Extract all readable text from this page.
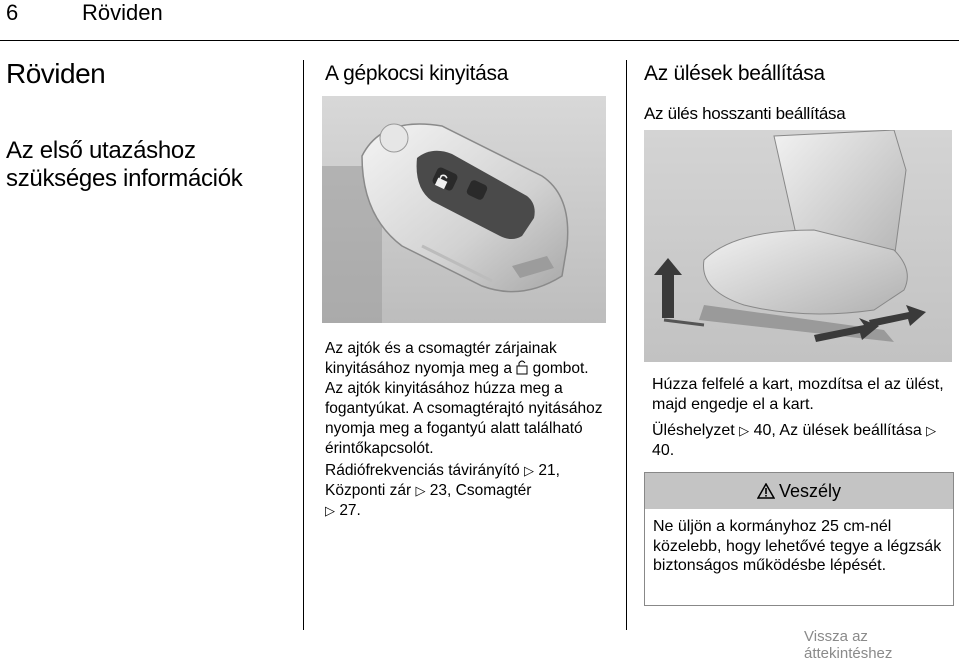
6	Röviden
Röviden
Az első utazáshoz szükséges információk
A gépkocsi kinyitása
Az ajtók és a csomagtér zárjainak kinyitásához nyomja meg a gombot. Az ajtók kinyitásához húzza meg a fogantyúkat. A csomagtérajtó nyitásához nyomja meg a fogantyú alatt található érintőkapcsolót.
Rádiófrekvenciás távirányító ▷ 21, Központi zár ▷ 23, Csomagtér
▷ 27.
Az ülések beállítása
Az ülés hosszanti beállítása
Húzza felfelé a kart, mozdítsa el az ülést, majd engedje el a kart.
Üléshelyzet ▷ 40, Az ülések beállítása ▷ 40.
Veszély
Ne üljön a kormányhoz 25 cm-nél közelebb, hogy lehetővé tegye a légzsák biztonságos működésbe lépését.
Vissza az áttekintéshez
